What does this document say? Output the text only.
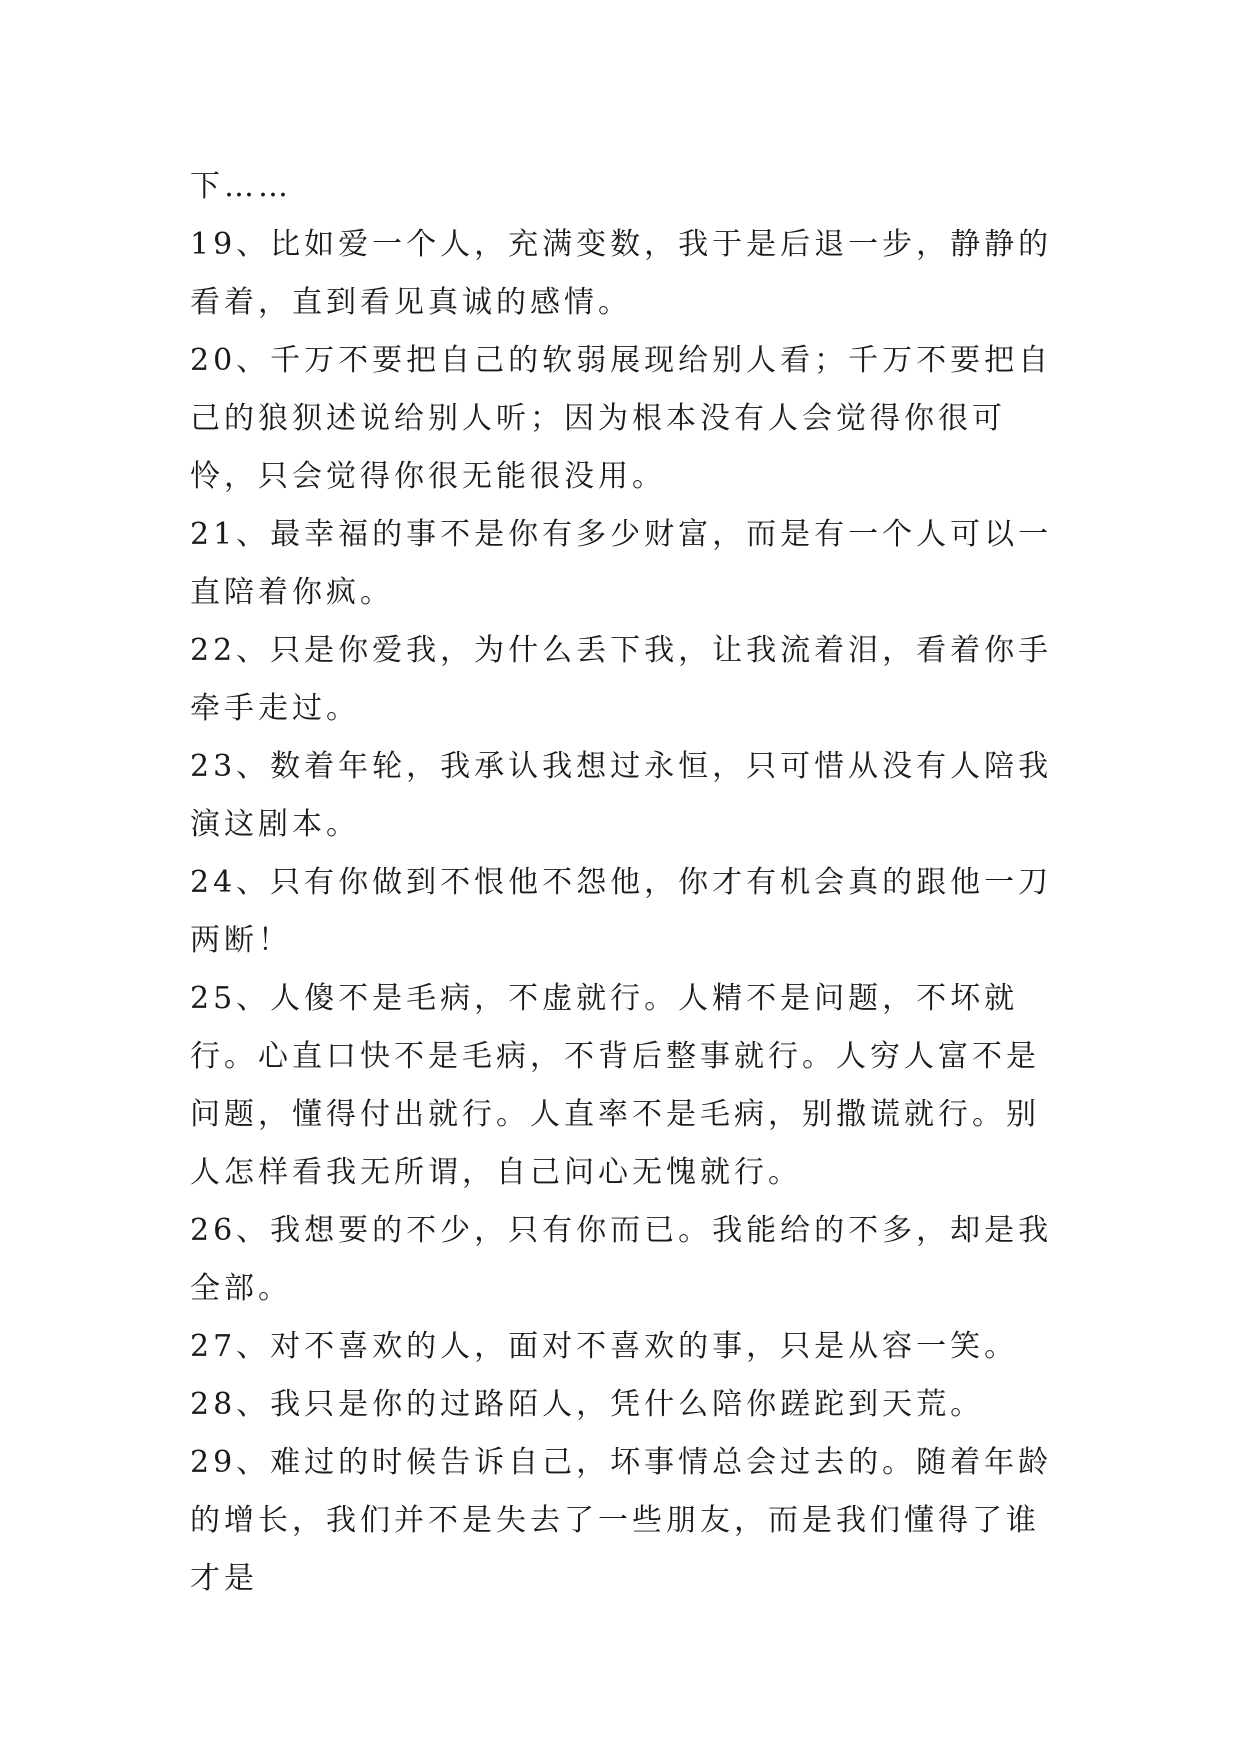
下……

19、比如爱一个人，充满变数，我于是后退一步，静静的看着，直到看见真诚的感情。

20、千万不要把自己的软弱展现给别人看；千万不要把自己的狼狈述说给别人听；因为根本没有人会觉得你很可怜，只会觉得你很无能很没用。

21、最幸福的事不是你有多少财富，而是有一个人可以一直陪着你疯。

22、只是你爱我，为什么丢下我，让我流着泪，看着你手牵手走过。

23、数着年轮，我承认我想过永恒，只可惜从没有人陪我演这剧本。

24、只有你做到不恨他不怨他，你才有机会真的跟他一刀两断！

25、人傻不是毛病，不虚就行。人精不是问题，不坏就行。心直口快不是毛病，不背后整事就行。人穷人富不是问题，懂得付出就行。人直率不是毛病，别撒谎就行。别人怎样看我无所谓，自己问心无愧就行。

26、我想要的不少，只有你而已。我能给的不多，却是我全部。

27、对不喜欢的人，面对不喜欢的事，只是从容一笑。

28、我只是你的过路陌人，凭什么陪你蹉跎到天荒。

29、难过的时候告诉自己，坏事情总会过去的。随着年龄的增长，我们并不是失去了一些朋友，而是我们懂得了谁才是
